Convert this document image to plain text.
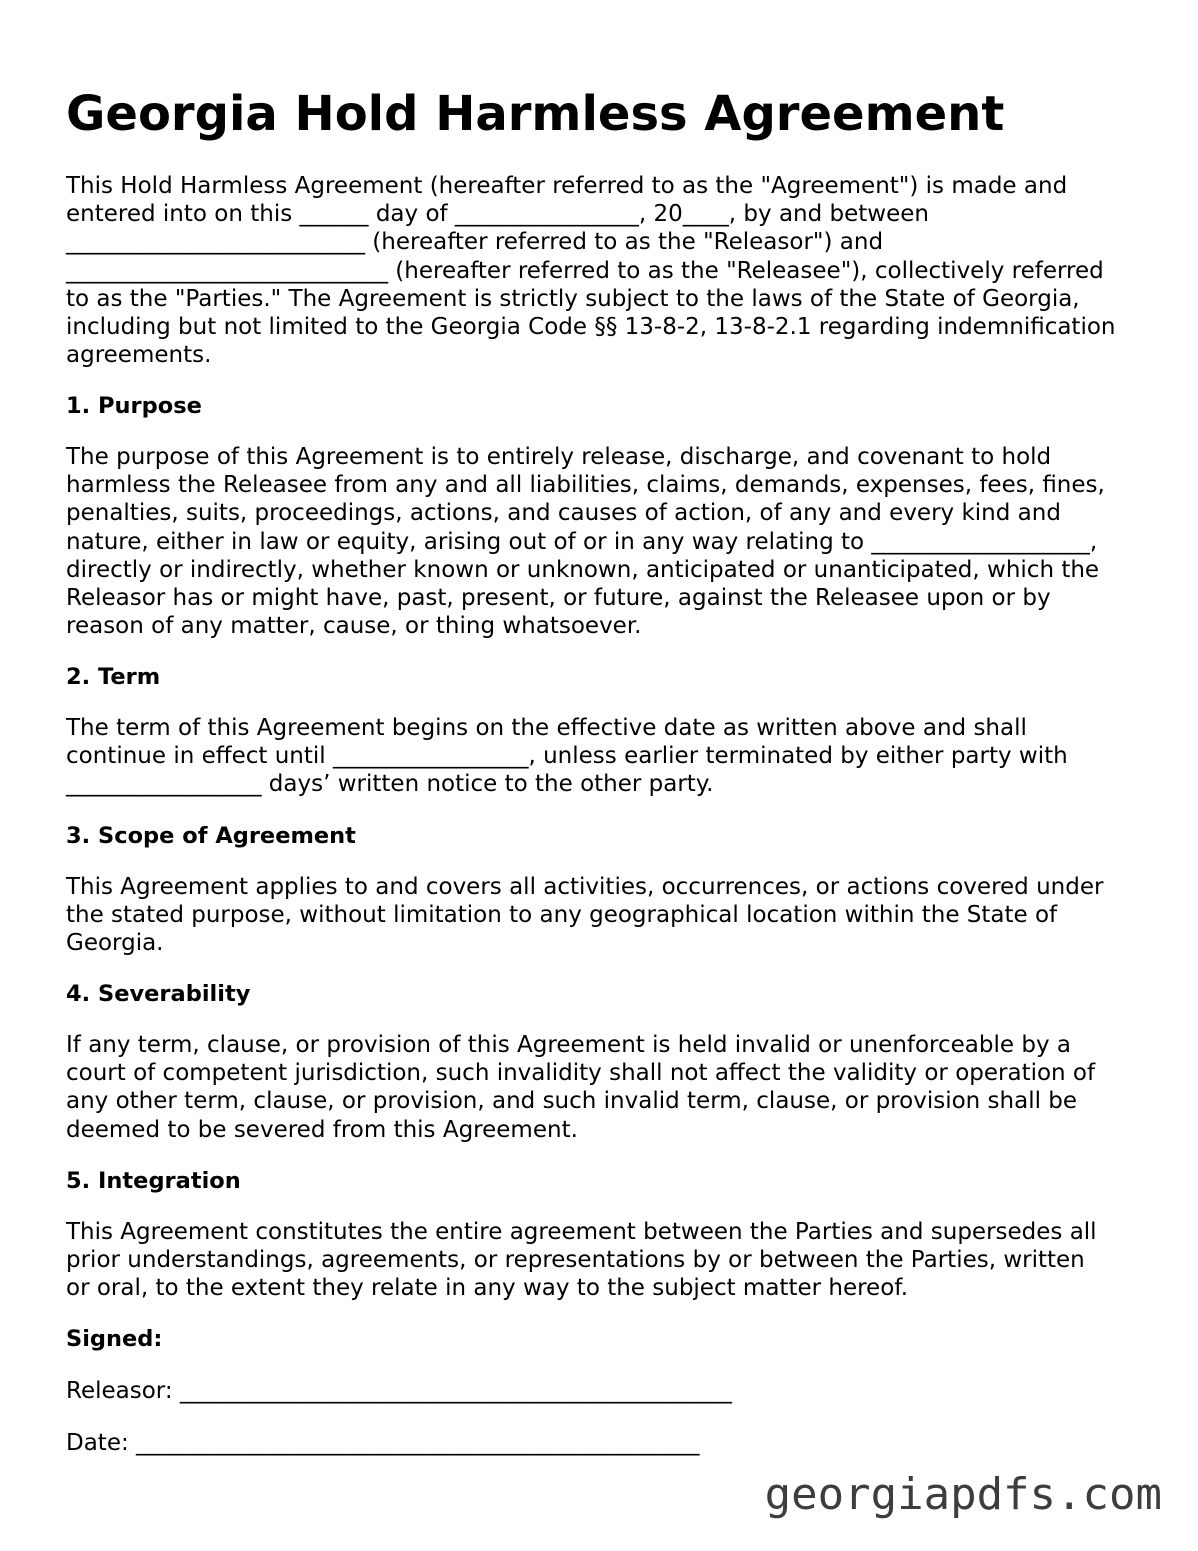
Georgia Hold Harmless Agreement

This Hold Harmless Agreement (hereafter referred to as the "Agreement") is made and
entered into on this ______ day of ________________, 20____, by and between
__________________________ (hereafter referred to as the "Releasor") and
____________________________ (hereafter referred to as the "Releasee"), collectively referred
to as the "Parties." The Agreement is strictly subject to the laws of the State of Georgia,
including but not limited to the Georgia Code §§ 13-8-2, 13-8-2.1 regarding indemnification
agreements.

1. Purpose

The purpose of this Agreement is to entirely release, discharge, and covenant to hold
harmless the Releasee from any and all liabilities, claims, demands, expenses, fees, fines,
penalties, suits, proceedings, actions, and causes of action, of any and every kind and
nature, either in law or equity, arising out of or in any way relating to ___________________,
directly or indirectly, whether known or unknown, anticipated or unanticipated, which the
Releasor has or might have, past, present, or future, against the Releasee upon or by
reason of any matter, cause, or thing whatsoever.

2. Term

The term of this Agreement begins on the effective date as written above and shall
continue in effect until _________________, unless earlier terminated by either party with
_________________ days’ written notice to the other party.

3. Scope of Agreement

This Agreement applies to and covers all activities, occurrences, or actions covered under
the stated purpose, without limitation to any geographical location within the State of
Georgia.

4. Severability

If any term, clause, or provision of this Agreement is held invalid or unenforceable by a
court of competent jurisdiction, such invalidity shall not affect the validity or operation of
any other term, clause, or provision, and such invalid term, clause, or provision shall be
deemed to be severed from this Agreement.

5. Integration

This Agreement constitutes the entire agreement between the Parties and supersedes all
prior understandings, agreements, or representations by or between the Parties, written
or oral, to the extent they relate in any way to the subject matter hereof.

Signed:
Releasor: ________________________________________________
Date: _________________________________________________
georgiapdfs.com
